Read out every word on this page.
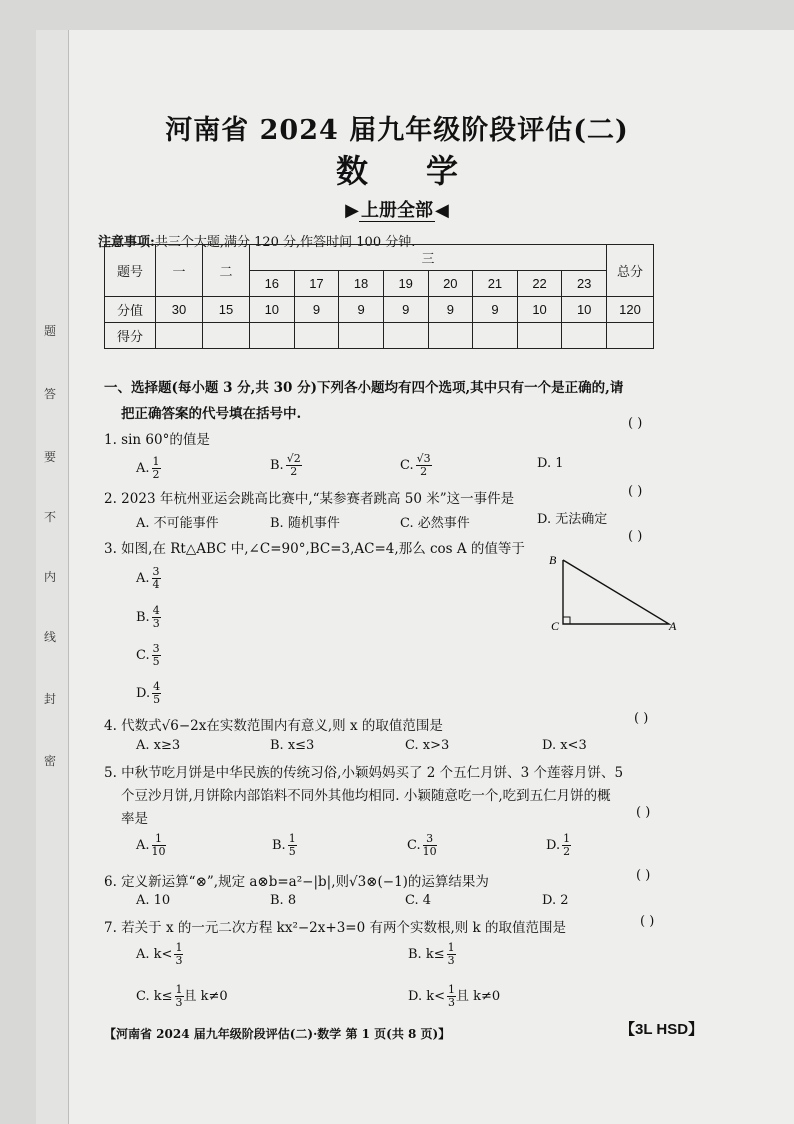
题
答
要
不
内
线
封
密
河南省 2024 届九年级阶段评估(二)
数学
▶ 上册全部 ◀
注意事项:共三个大题,满分 120 分,作答时间 100 分钟.
题号	一	二	三								总分
			16	17	18	19	20	21	22	23	
分值	30	15	10	9	9	9	9	9	10	10	120
得分											
一、选择题(每小题 3 分,共 30 分)下列各小题均有四个选项,其中只有一个是正确的,请
把正确答案的代号填在括号中.
( )
1. sin 60°的值是
A. $\frac{1}{2}$	B. $\frac{√2}{2}$	C. $\frac{√3}{2}$	D. 1
( )
2. 2023 年杭州亚运会跳高比赛中,“某参赛者跳高 50 米”这一事件是
A. 不可能事件	B. 随机事件	C. 必然事件	D. 无法确定
( )
3. 如图,在 Rt△ABC 中,∠C=90°,BC=3,AC=4,那么 cos A 的值等于
A. $\frac{3}{4}$
B. $\frac{4}{3}$
C. $\frac{3}{5}$
D. $\frac{4}{5}$
B
C	A
( )
4. 代数式√6−2x在实数范围内有意义,则 x 的取值范围是
A. x≥3	B. x≤3	C. x>3	D. x<3
5. 中秋节吃月饼是中华民族的传统习俗,小颖妈妈买了 2 个五仁月饼、3 个莲蓉月饼、5
个豆沙月饼,月饼除内部馅料不同外其他均相同. 小颖随意吃一个,吃到五仁月饼的概
率是	( )
A. $\frac{1}{10}$	B. $\frac{1}{5}$	C. $\frac{3}{10}$	D. $\frac{1}{2}$
( )
6. 定义新运算“⊗”,规定 a⊗b=a²−|b|,则√3⊗(−1)的运算结果为
A. 10	B. 8	C. 4	D. 2
7. 若关于 x 的一元二次方程 kx²−2x+3=0 有两个实数根,则 k 的取值范围是	( )
A. $k< \frac{1}{3}$	B. $k\le \frac{1}{3}$
C. $k\le \frac{1}{3}$ 且 k≠0	D. $k< \frac{1}{3}$ 且 k≠0
【河南省 2024 届九年级阶段评估(二)·数学 第 1 页(共 8 页)】	【3L HSD】
